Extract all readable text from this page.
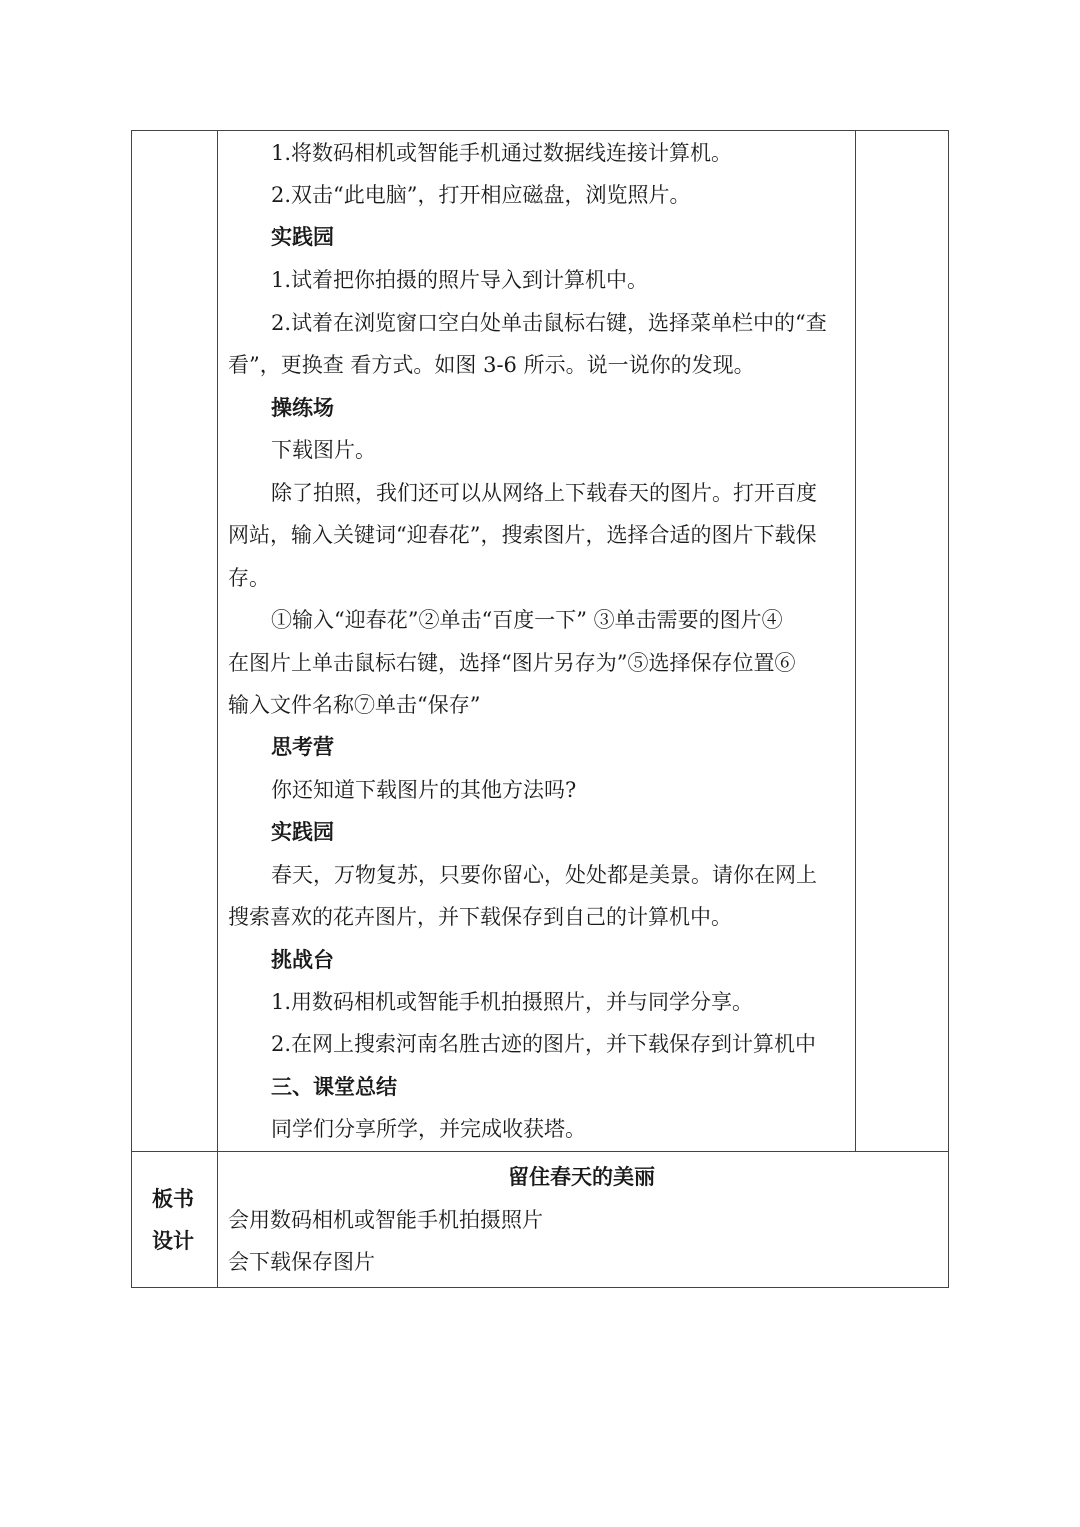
1.将数码相机或智能手机通过数据线连接计算机。
2.双击“此电脑”，打开相应磁盘，浏览照片。
实践园
1.试着把你拍摄的照片导入到计算机中。
2.试着在浏览窗口空白处单击鼠标右键，选择菜单栏中的“查
看”，更换查 看方式。如图 3-6 所示。说一说你的发现。
操练场
下载图片。
除了拍照，我们还可以从网络上下载春天的图片。打开百度
网站，输入关键词“迎春花”，搜索图片，选择合适的图片下载保
存。
①输入“迎春花”②单击“百度一下” ③单击需要的图片④
在图片上单击鼠标右键，选择“图片另存为”⑤选择保存位置⑥
输入文件名称⑦单击“保存”
思考营
你还知道下载图片的其他方法吗?
实践园
春天，万物复苏，只要你留心，处处都是美景。请你在网上
搜索喜欢的花卉图片，并下载保存到自己的计算机中。
挑战台
1.用数码相机或智能手机拍摄照片，并与同学分享。
2.在网上搜索河南名胜古迹的图片，并下载保存到计算机中
三、课堂总结
同学们分享所学，并完成收获塔。
板书
设计
留住春天的美丽
会用数码相机或智能手机拍摄照片
会下载保存图片
